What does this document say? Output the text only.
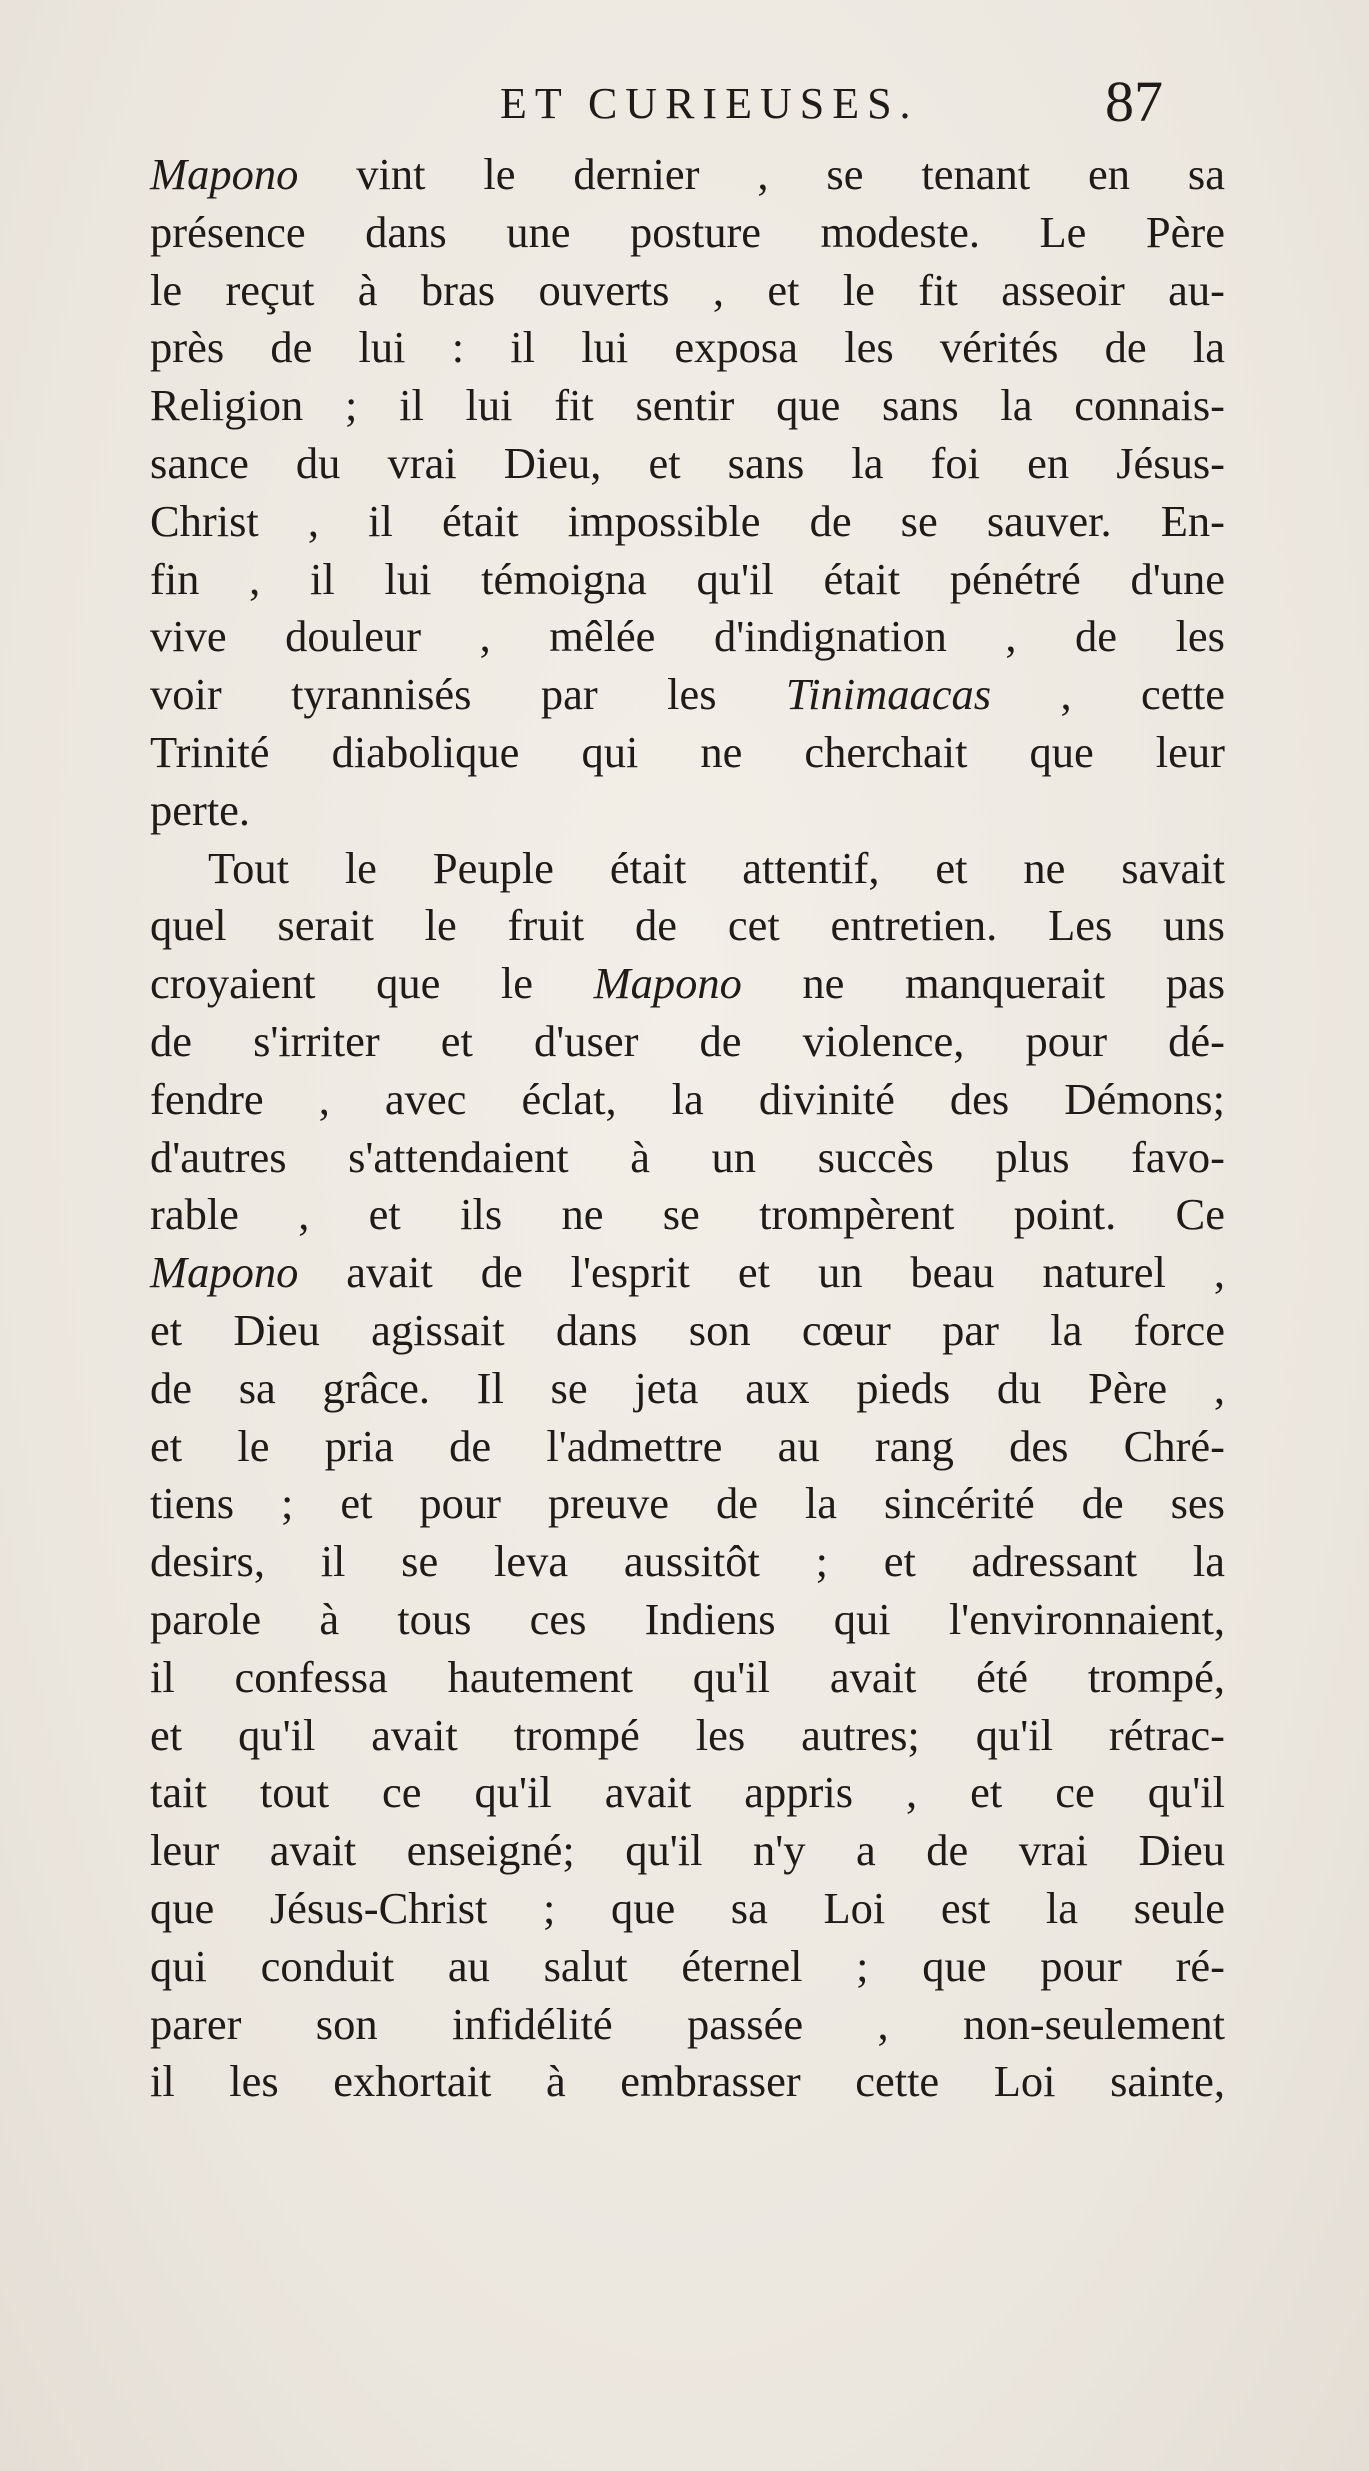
ET CURIEUSES.	87
Mapono vint le dernier , se tenant en sa
présence dans une posture modeste. Le Père
le reçut à bras ouverts , et le fit asseoir au-
près de lui : il lui exposa les vérités de la
Religion ; il lui fit sentir que sans la connais-
sance du vrai Dieu, et sans la foi en Jésus-
Christ , il était impossible de se sauver. En-
fin , il lui témoigna qu'il était pénétré d'une
vive douleur , mêlée d'indignation , de les
voir tyrannisés par les Tinimaacas , cette
Trinité diabolique qui ne cherchait que leur
perte.
Tout le Peuple était attentif, et ne savait
quel serait le fruit de cet entretien. Les uns
croyaient que le Mapono ne manquerait pas
de s'irriter et d'user de violence, pour dé-
fendre , avec éclat, la divinité des Démons;
d'autres s'attendaient à un succès plus favo-
rable , et ils ne se trompèrent point. Ce
Mapono avait de l'esprit et un beau naturel ,
et Dieu agissait dans son cœur par la force
de sa grâce. Il se jeta aux pieds du Père ,
et le pria de l'admettre au rang des Chré-
tiens ; et pour preuve de la sincérité de ses
desirs, il se leva aussitôt ; et adressant la
parole à tous ces Indiens qui l'environnaient,
il confessa hautement qu'il avait été trompé,
et qu'il avait trompé les autres; qu'il rétrac-
tait tout ce qu'il avait appris , et ce qu'il
leur avait enseigné; qu'il n'y a de vrai Dieu
que Jésus-Christ ; que sa Loi est la seule
qui conduit au salut éternel ; que pour ré-
parer son infidélité passée , non-seulement
il les exhortait à embrasser cette Loi sainte,
